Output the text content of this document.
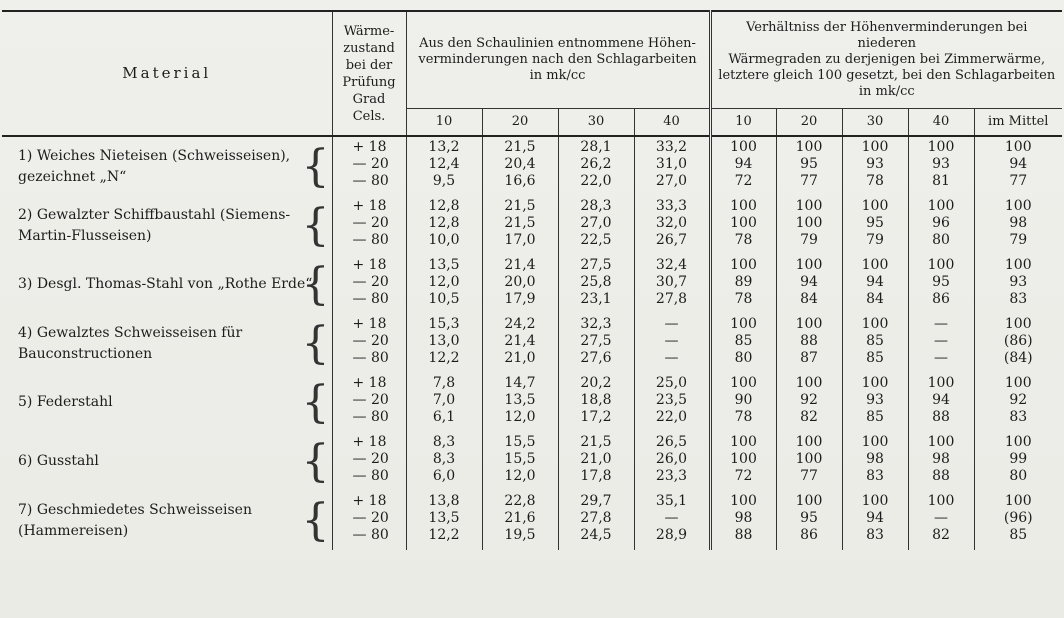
Material	Wärme-
zustand
bei der
Prüfung
Grad Cels.	Aus den Schaulinien entnommene Höhen-
verminderungen nach den Schlagarbeiten
in mk/cc				Verhältniss der Höhenverminderungen bei niederen
Wärmegraden zu derjenigen bei Zimmerwärme,
letztere gleich 100 gesetzt, bei den Schlagarbeiten
in mk/cc				
		10	20	30	40	10	20	30	40	im Mittel
1) Weiches Nieteisen (Schweisseisen), gezeichnet „N“ {	+ 18	13,2	21,5	28,1	33,2	100	100	100	100	100
	— 20	12,4	20,4	26,2	31,0	94	95	93	93	94
	— 80	9,5	16,6	22,0	27,0	72	77	78	81	77
2) Gewalzter Schiffbaustahl (Siemens-Martin-Flusseisen) {	+ 18	12,8	21,5	28,3	33,3	100	100	100	100	100
	— 20	12,8	21,5	27,0	32,0	100	100	95	96	98
	— 80	10,0	17,0	22,5	26,7	78	79	79	80	79
3) Desgl. Thomas-Stahl von „Rothe Erde“
{	+ 18	13,5	21,4	27,5	32,4	100	100	100	100	100
	— 20	12,0	20,0	25,8	30,7	89	94	94	95	93
	— 80	10,5	17,9	23,1	27,8	78	84	84	86	83
4) Gewalztes Schweisseisen für Bauconstructionen {	+ 18	15,3	24,2	32,3	—	100	100	100	—	100
	— 20	13,0	21,4	27,5	—	85	88	85	—	(86)
	— 80	12,2	21,0	27,6	—	80	87	85	—	(84)
5) Federstahl {	+ 18	7,8	14,7	20,2	25,0	100	100	100	100	100
	— 20	7,0	13,5	18,8	23,5	90	92	93	94	92
	— 80	6,1	12,0	17,2	22,0	78	82	85	88	83
6) Gusstahl {	+ 18	8,3	15,5	21,5	26,5	100	100	100	100	100
	— 20	8,3	15,5	21,0	26,0	100	100	98	98	99
	— 80	6,0	12,0	17,8	23,3	72	77	83	88	80
7) Geschmiedetes Schweisseisen (Hammereisen) {	+ 18	13,8	22,8	29,7	35,1	100	100	100	100	100
	— 20	13,5	21,6	27,8	—	98	95	94	—	(96)
	— 80	12,2	19,5	24,5	28,9	88	86	83	82	85
